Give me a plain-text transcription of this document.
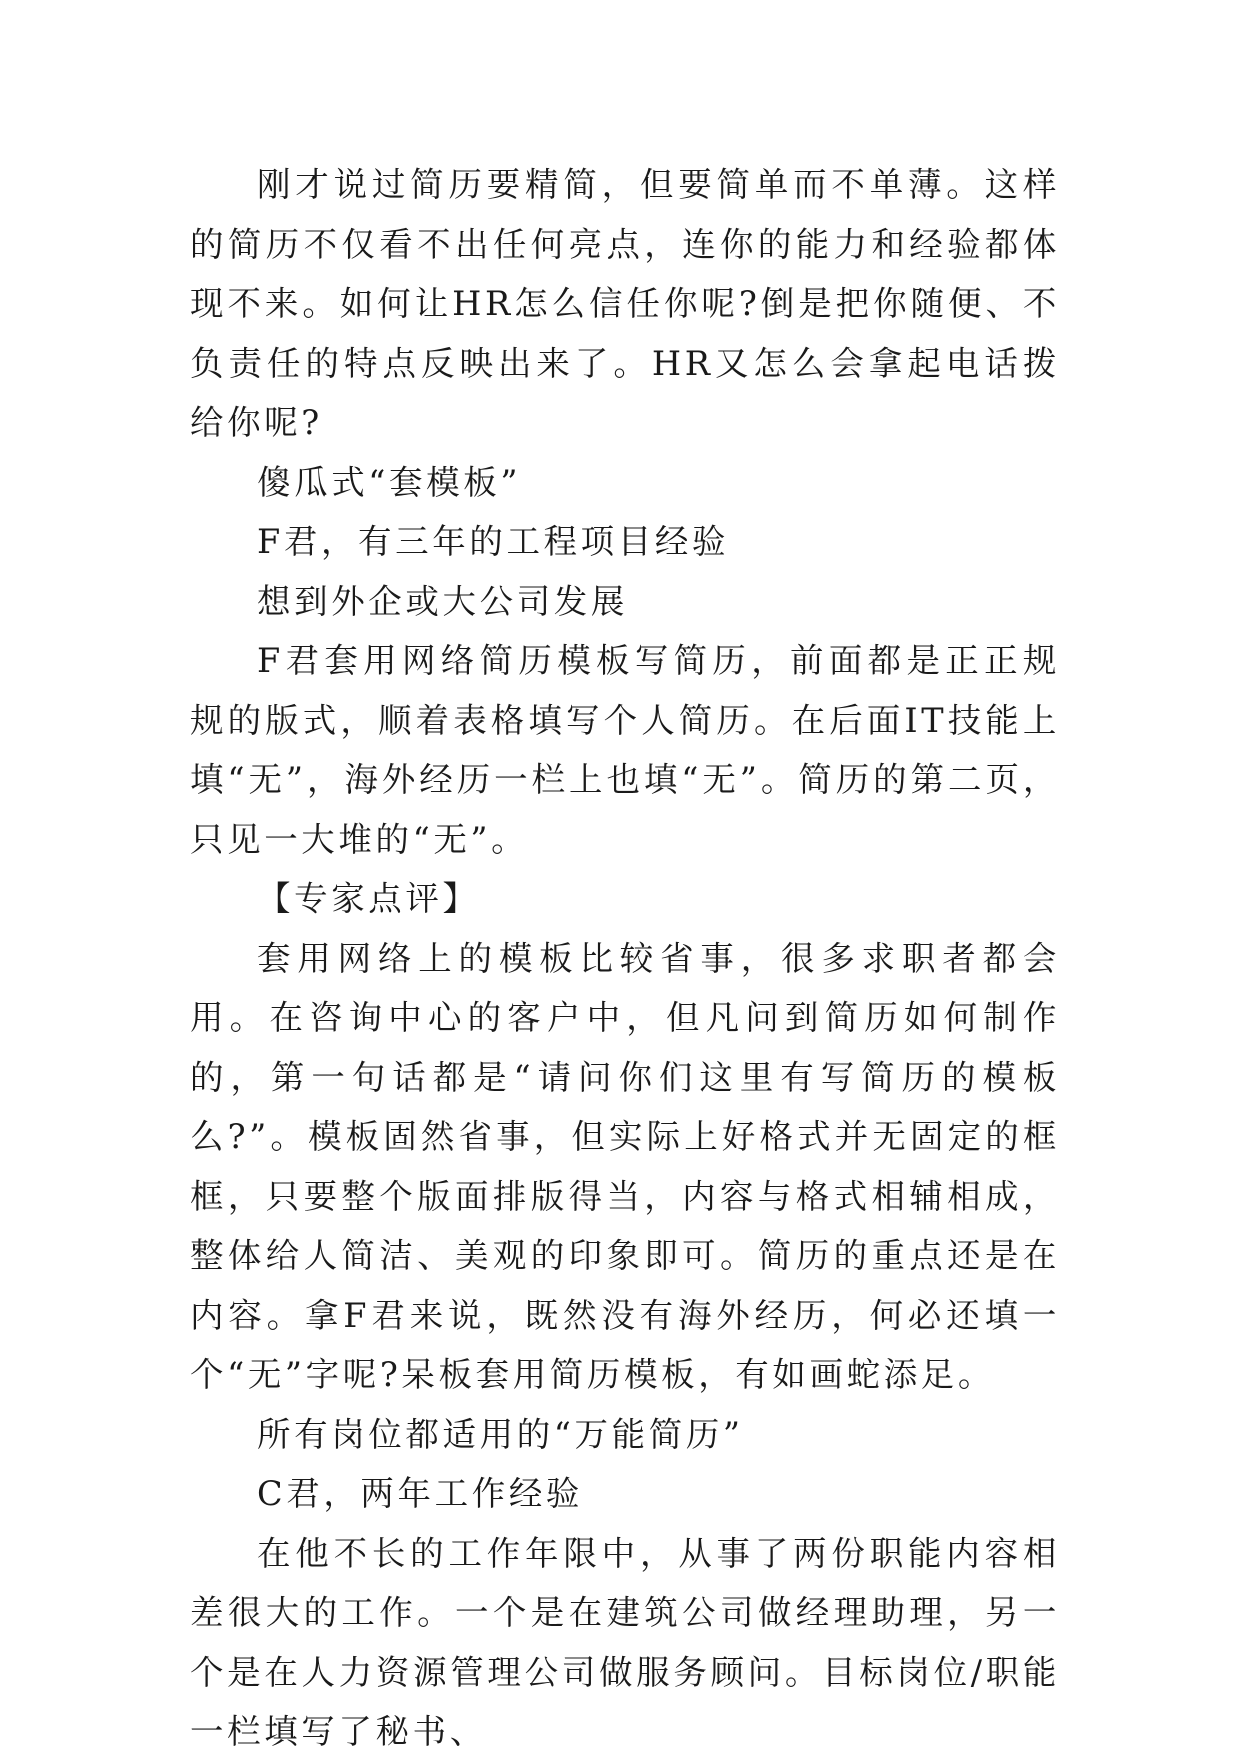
刚才说过简历要精简，但要简单而不单薄。这样的简历不仅看不出任何亮点，连你的能力和经验都体现不来。如何让HR怎么信任你呢?倒是把你随便、不负责任的特点反映出来了。HR又怎么会拿起电话拨给你呢?

傻瓜式“套模板”

F君，有三年的工程项目经验

想到外企或大公司发展

F君套用网络简历模板写简历，前面都是正正规规的版式，顺着表格填写个人简历。在后面IT技能上填“无”，海外经历一栏上也填“无”。简历的第二页，只见一大堆的“无”。

【专家点评】

套用网络上的模板比较省事，很多求职者都会用。在咨询中心的客户中，但凡问到简历如何制作的，第一句话都是“请问你们这里有写简历的模板么?”。模板固然省事，但实际上好格式并无固定的框框，只要整个版面排版得当，内容与格式相辅相成，整体给人简洁、美观的印象即可。简历的重点还是在内容。拿F君来说，既然没有海外经历，何必还填一个“无”字呢?呆板套用简历模板，有如画蛇添足。

所有岗位都适用的“万能简历”

C君，两年工作经验

在他不长的工作年限中，从事了两份职能内容相差很大的工作。一个是在建筑公司做经理助理，另一个是在人力资源管理公司做服务顾问。目标岗位/职能一栏填写了秘书、
